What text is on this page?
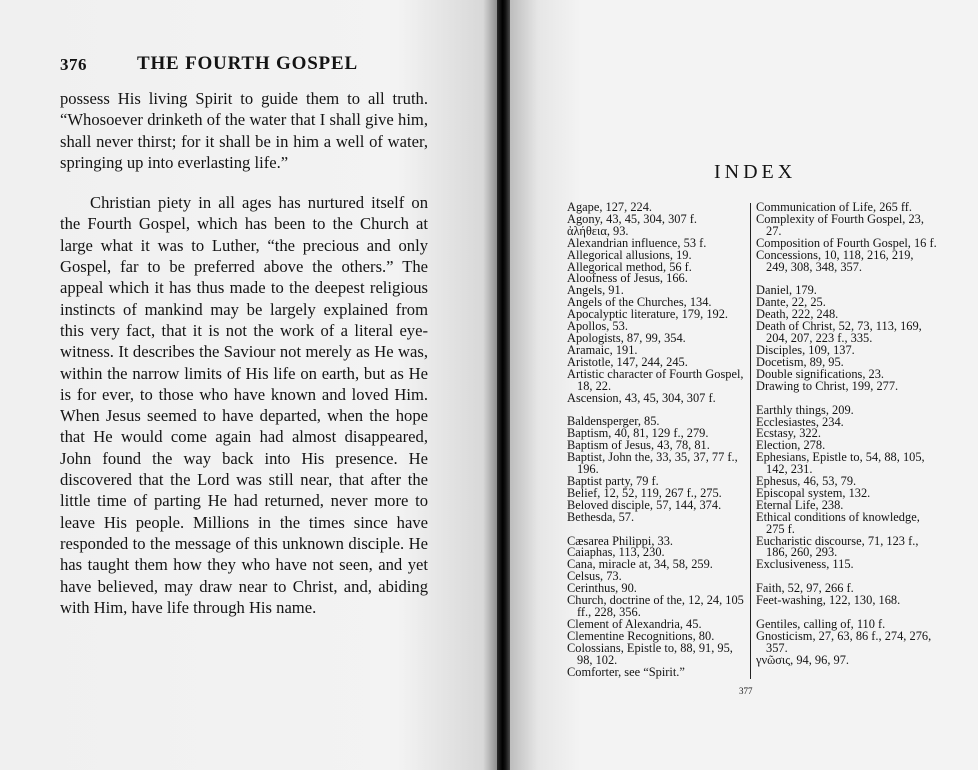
376	THE FOURTH GOSPEL

possess His living Spirit to guide them to all truth. “Whosoever drinketh of the water that I shall give him, shall never thirst; for it shall be in him a well of water, springing up into everlasting life.”

Christian piety in all ages has nurtured itself on the Fourth Gospel, which has been to the Church at large what it was to Luther, “the precious and only Gospel, far to be preferred above the others.” The appeal which it has thus made to the deepest religious instincts of mankind may be largely explained from this very fact, that it is not the work of a literal eye-witness. It describes the Saviour not merely as He was, within the narrow limits of His life on earth, but as He is for ever, to those who have known and loved Him. When Jesus seemed to have departed, when the hope that He would come again had almost disappeared, John found the way back into His presence. He discovered that the Lord was still near, that after the little time of parting He had returned, never more to leave His people. Millions in the times since have responded to the message of this unknown disciple. He has taught them how they who have not seen, and yet have believed, may draw near to Christ, and, abiding with Him, have life through His name.

INDEX
Agape, 127, 224.
Agony, 43, 45, 304, 307 f.
ἀλήθεια, 93.
Alexandrian influence, 53 f.
Allegorical allusions, 19.
Allegorical method, 56 f.
Aloofness of Jesus, 166.
Angels, 91.
Angels of the Churches, 134.
Apocalyptic literature, 179, 192.
Apollos, 53.
Apologists, 87, 99, 354.
Aramaic, 191.
Aristotle, 147, 244, 245.
Artistic character of Fourth Gospel, 18, 22.
Ascension, 43, 45, 304, 307 f.
Baldensperger, 85.
Baptism, 40, 81, 129 f., 279.
Baptism of Jesus, 43, 78, 81.
Baptist, John the, 33, 35, 37, 77 f., 196.
Baptist party, 79 f.
Belief, 12, 52, 119, 267 f., 275.
Beloved disciple, 57, 144, 374.
Bethesda, 57.
Cæsarea Philippi, 33.
Caiaphas, 113, 230.
Cana, miracle at, 34, 58, 259.
Celsus, 73.
Cerinthus, 90.
Church, doctrine of the, 12, 24, 105 ff., 228, 356.
Clement of Alexandria, 45.
Clementine Recognitions, 80.
Colossians, Epistle to, 88, 91, 95, 98, 102.
Comforter, see “Spirit.”
Communication of Life, 265 ff.
Complexity of Fourth Gospel, 23, 27.
Composition of Fourth Gospel, 16 f.
Concessions, 10, 118, 216, 219, 249, 308, 348, 357.
Daniel, 179.
Dante, 22, 25.
Death, 222, 248.
Death of Christ, 52, 73, 113, 169, 204, 207, 223 f., 335.
Disciples, 109, 137.
Docetism, 89, 95.
Double significations, 23.
Drawing to Christ, 199, 277.
Earthly things, 209.
Ecclesiastes, 234.
Ecstasy, 322.
Election, 278.
Ephesians, Epistle to, 54, 88, 105, 142, 231.
Ephesus, 46, 53, 79.
Episcopal system, 132.
Eternal Life, 238.
Ethical conditions of knowledge, 275 f.
Eucharistic discourse, 71, 123 f., 186, 260, 293.
Exclusiveness, 115.
Faith, 52, 97, 266 f.
Feet-washing, 122, 130, 168.
Gentiles, calling of, 110 f.
Gnosticism, 27, 63, 86 f., 274, 276, 357.
γνῶσις, 94, 96, 97.
377
